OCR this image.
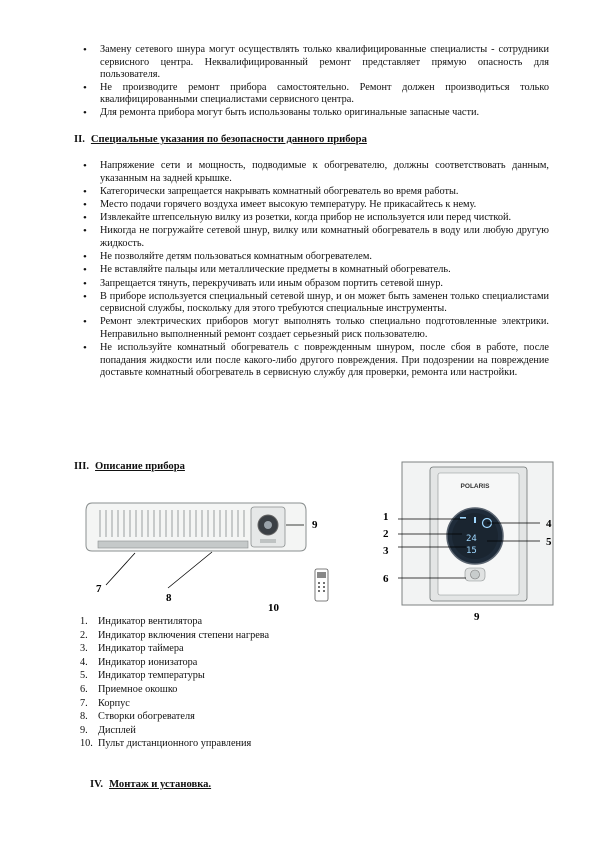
• Замену сетевого шнура могут осуществлять только квалифицированные специалисты - сотрудники сервисного центра. Неквалифицированный ремонт представляет прямую опасность для пользователя.
• Не производите ремонт прибора самостоятельно. Ремонт должен производиться только квалифицированными специалистами сервисного центра.
• Для ремонта прибора могут быть использованы только оригинальные запасные части.
II. Специальные указания по безопасности данного прибора
• Напряжение сети и мощность, подводимые к обогревателю, должны соответствовать данным, указанным на задней крышке.
• Категорически запрещается накрывать комнатный обогреватель во время работы.
• Место подачи горячего воздуха имеет высокую температуру. Не прикасайтесь к нему.
• Извлекайте штепсельную вилку из розетки, когда прибор не используется или перед чисткой.
• Никогда не погружайте сетевой шнур, вилку или комнатный обогреватель в воду или любую другую жидкость.
• Не позволяйте детям пользоваться комнатным обогревателем.
• Не вставляйте пальцы или металлические предметы в комнатный обогреватель.
• Запрещается тянуть, перекручивать или иным образом портить сетевой шнур.
• В приборе используется специальный сетевой шнур, и он может быть заменен только специалистами сервисной службы, поскольку для этого требуются специальные инструменты.
• Ремонт электрических приборов могут выполнять только специально подготовленные электрики. Неправильно выполненный ремонт создает серьезный риск пользователю.
• Не используйте комнатный обогреватель с поврежденным шнуром, после сбоя в работе, после попадания жидкости или после какого-либо другого повреждения. При подозрении на повреждение доставьте комнатный обогреватель в сервисную службу для проверки, ремонта или настройки.
III. Описание прибора
POLARIS
24
15
7
8
9
10
1
2
3
6
4
5
9
1. Индикатор вентилятора
2. Индикатор включения степени нагрева
3. Индикатор таймера
4. Индикатор ионизатора
5. Индикатор температуры
6. Приемное окошко
7. Корпус
8. Створки обогревателя
9. Дисплей
10. Пульт дистанционного управления
IV. Монтаж и установка.
